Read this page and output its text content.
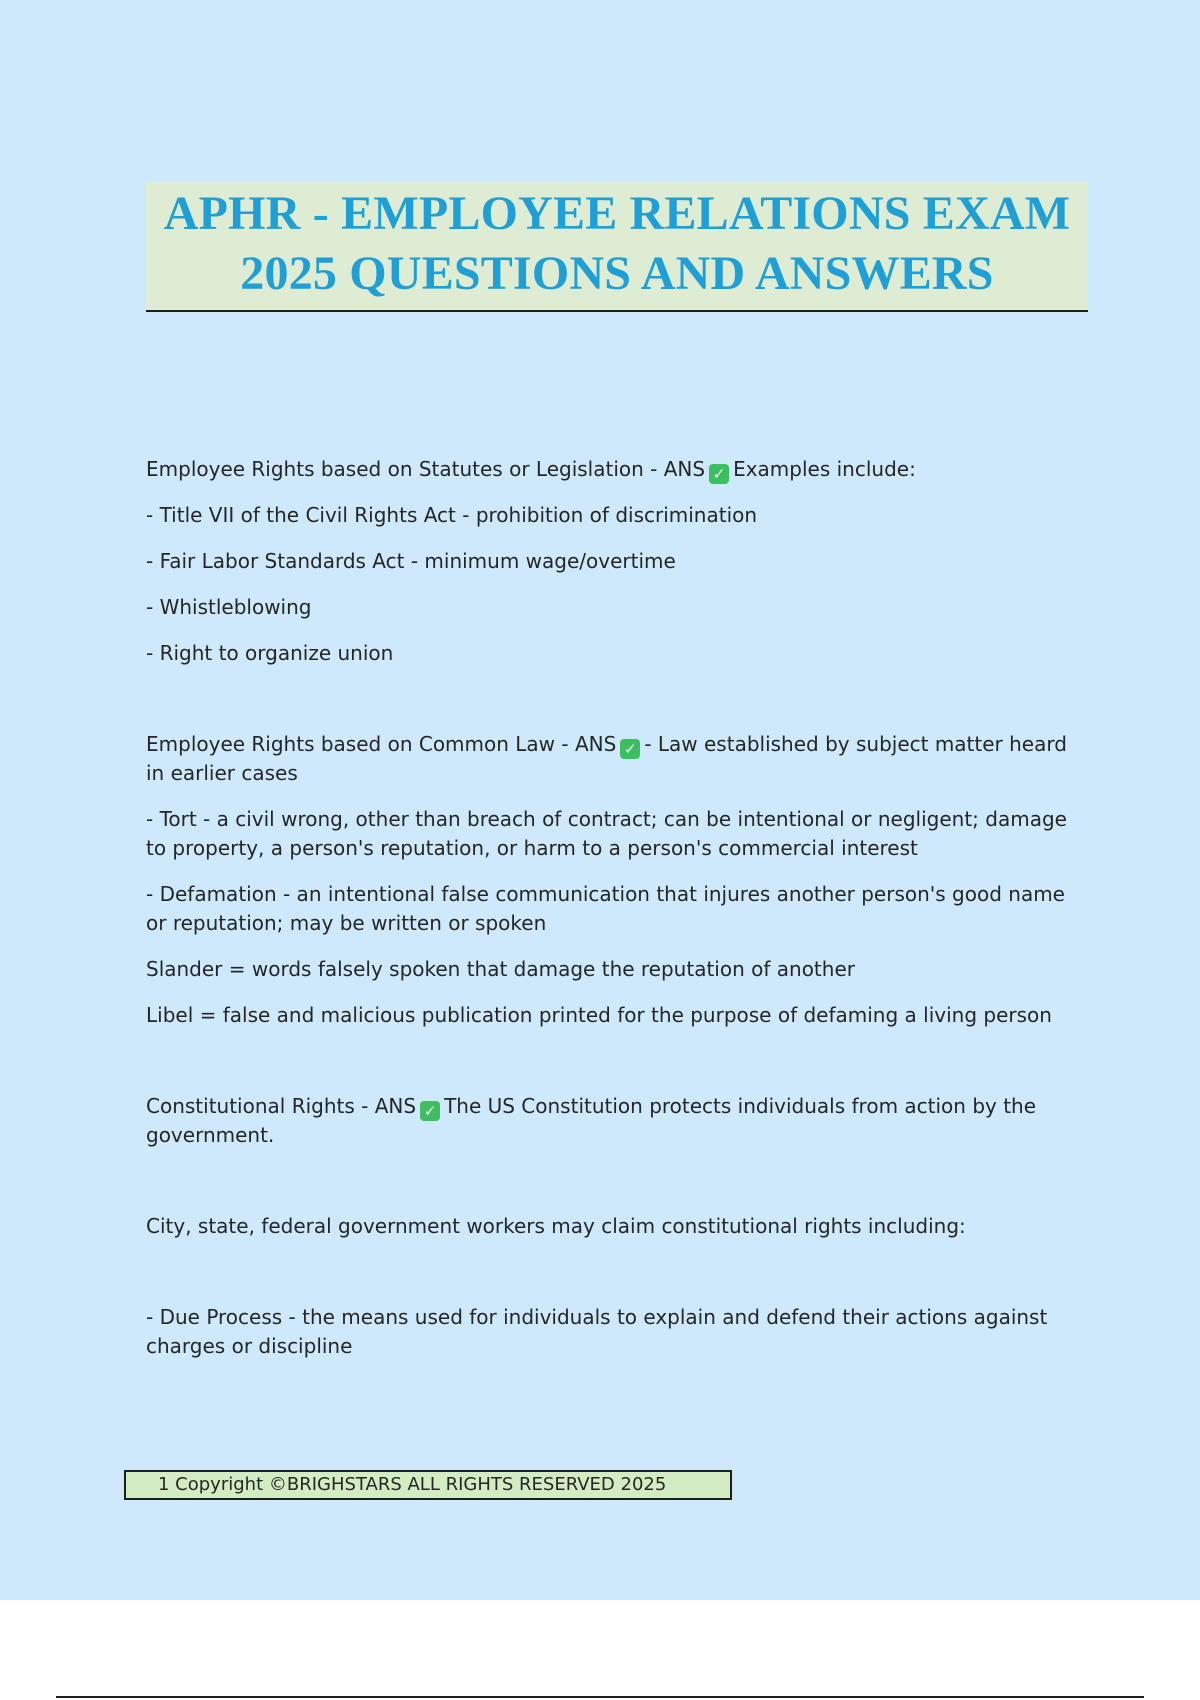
APHR - EMPLOYEE RELATIONS EXAM
2025 QUESTIONS AND ANSWERS

Employee Rights based on Statutes or Legislation - ANS ✓ Examples include:

- Title VII of the Civil Rights Act - prohibition of discrimination

- Fair Labor Standards Act - minimum wage/overtime

- Whistleblowing

- Right to organize union

Employee Rights based on Common Law - ANS ✓ - Law established by subject matter heard in earlier cases

- Tort - a civil wrong, other than breach of contract; can be intentional or negligent; damage to property, a person's reputation, or harm to a person's commercial interest

- Defamation - an intentional false communication that injures another person's good name or reputation; may be written or spoken

Slander = words falsely spoken that damage the reputation of another

Libel = false and malicious publication printed for the purpose of defaming a living person

Constitutional Rights - ANS ✓ The US Constitution protects individuals from action by the government.

City, state, federal government workers may claim constitutional rights including:

- Due Process - the means used for individuals to explain and defend their actions against charges or discipline

1 Copyright ©BRIGHSTARS ALL RIGHTS RESERVED 2025
